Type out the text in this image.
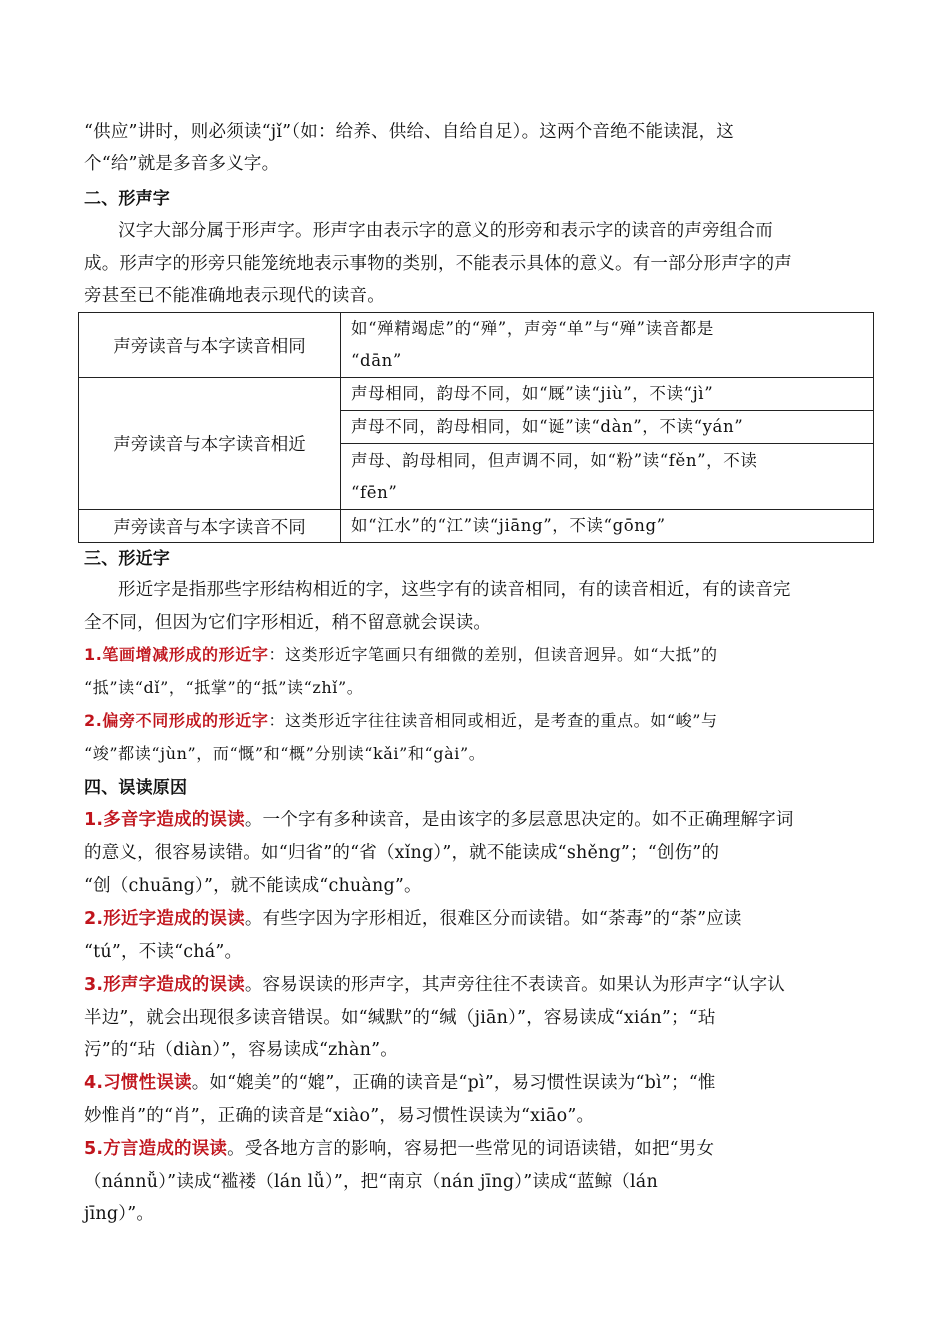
“供应”讲时，则必须读“jǐ”（如：给养、供给、自给自足）。这两个音绝不能读混，这
个“给”就是多音多义字。
二、形声字
汉字大部分属于形声字。形声字由表示字的意义的形旁和表示字的读音的声旁组合而
成。形声字的形旁只能笼统地表示事物的类别，不能表示具体的意义。有一部分形声字的声
旁甚至已不能准确地表示现代的读音。
声旁读音与本字读音相同	如“殚精竭虑”的“殚”，声旁“单”与“殚”读音都是
“dān”

声旁读音与本字读音相近	声母相同，韵母不同，如“厩”读“jiù”，不读“jì”

	声母不同，韵母相同，如“诞”读“dàn”，不读“yán”

	声母、韵母相同，但声调不同，如“粉”读“fěn”，不读
“fēn”

声旁读音与本字读音不同	如“江水”的“江”读“jiāng”，不读“gōng”
三、形近字
形近字是指那些字形结构相近的字，这些字有的读音相同，有的读音相近，有的读音完
全不同，但因为它们字形相近，稍不留意就会误读。
1.笔画增减形成的形近字：这类形近字笔画只有细微的差别，但读音迥异。如“大抵”的
“抵”读“dǐ”，“抵掌”的“抵”读“zhǐ”。
2.偏旁不同形成的形近字：这类形近字往往读音相同或相近，是考查的重点。如“峻”与
“竣”都读“jùn”，而“慨”和“概”分别读“kǎi”和“gài”。
四、误读原因
1.多音字造成的误读。一个字有多种读音，是由该字的多层意思决定的。如不正确理解字词
的意义，很容易读错。如“归省”的“省（xǐng）”，就不能读成“shěng”；“创伤”的
“创（chuāng）”，就不能读成“chuàng”。
2.形近字造成的误读。有些字因为字形相近，很难区分而读错。如“荼毒”的“荼”应读
“tú”，不读“chá”。
3.形声字造成的误读。容易误读的形声字，其声旁往往不表读音。如果认为形声字“认字认
半边”，就会出现很多读音错误。如“缄默”的“缄（jiān）”，容易读成“xián”；“玷
污”的“玷（diàn）”，容易读成“zhàn”。
4.习惯性误读。如“媲美”的“媲”，正确的读音是“pì”，易习惯性误读为“bì”；“惟
妙惟肖”的“肖”，正确的读音是“xiào”，易习惯性误读为“xiāo”。
5.方言造成的误读。受各地方言的影响，容易把一些常见的词语读错，如把“男女
（nánnǚ）”读成“褴褛（lán lǚ）”，把“南京（nán jīng）”读成“蓝鲸（lán
jīng）”。
